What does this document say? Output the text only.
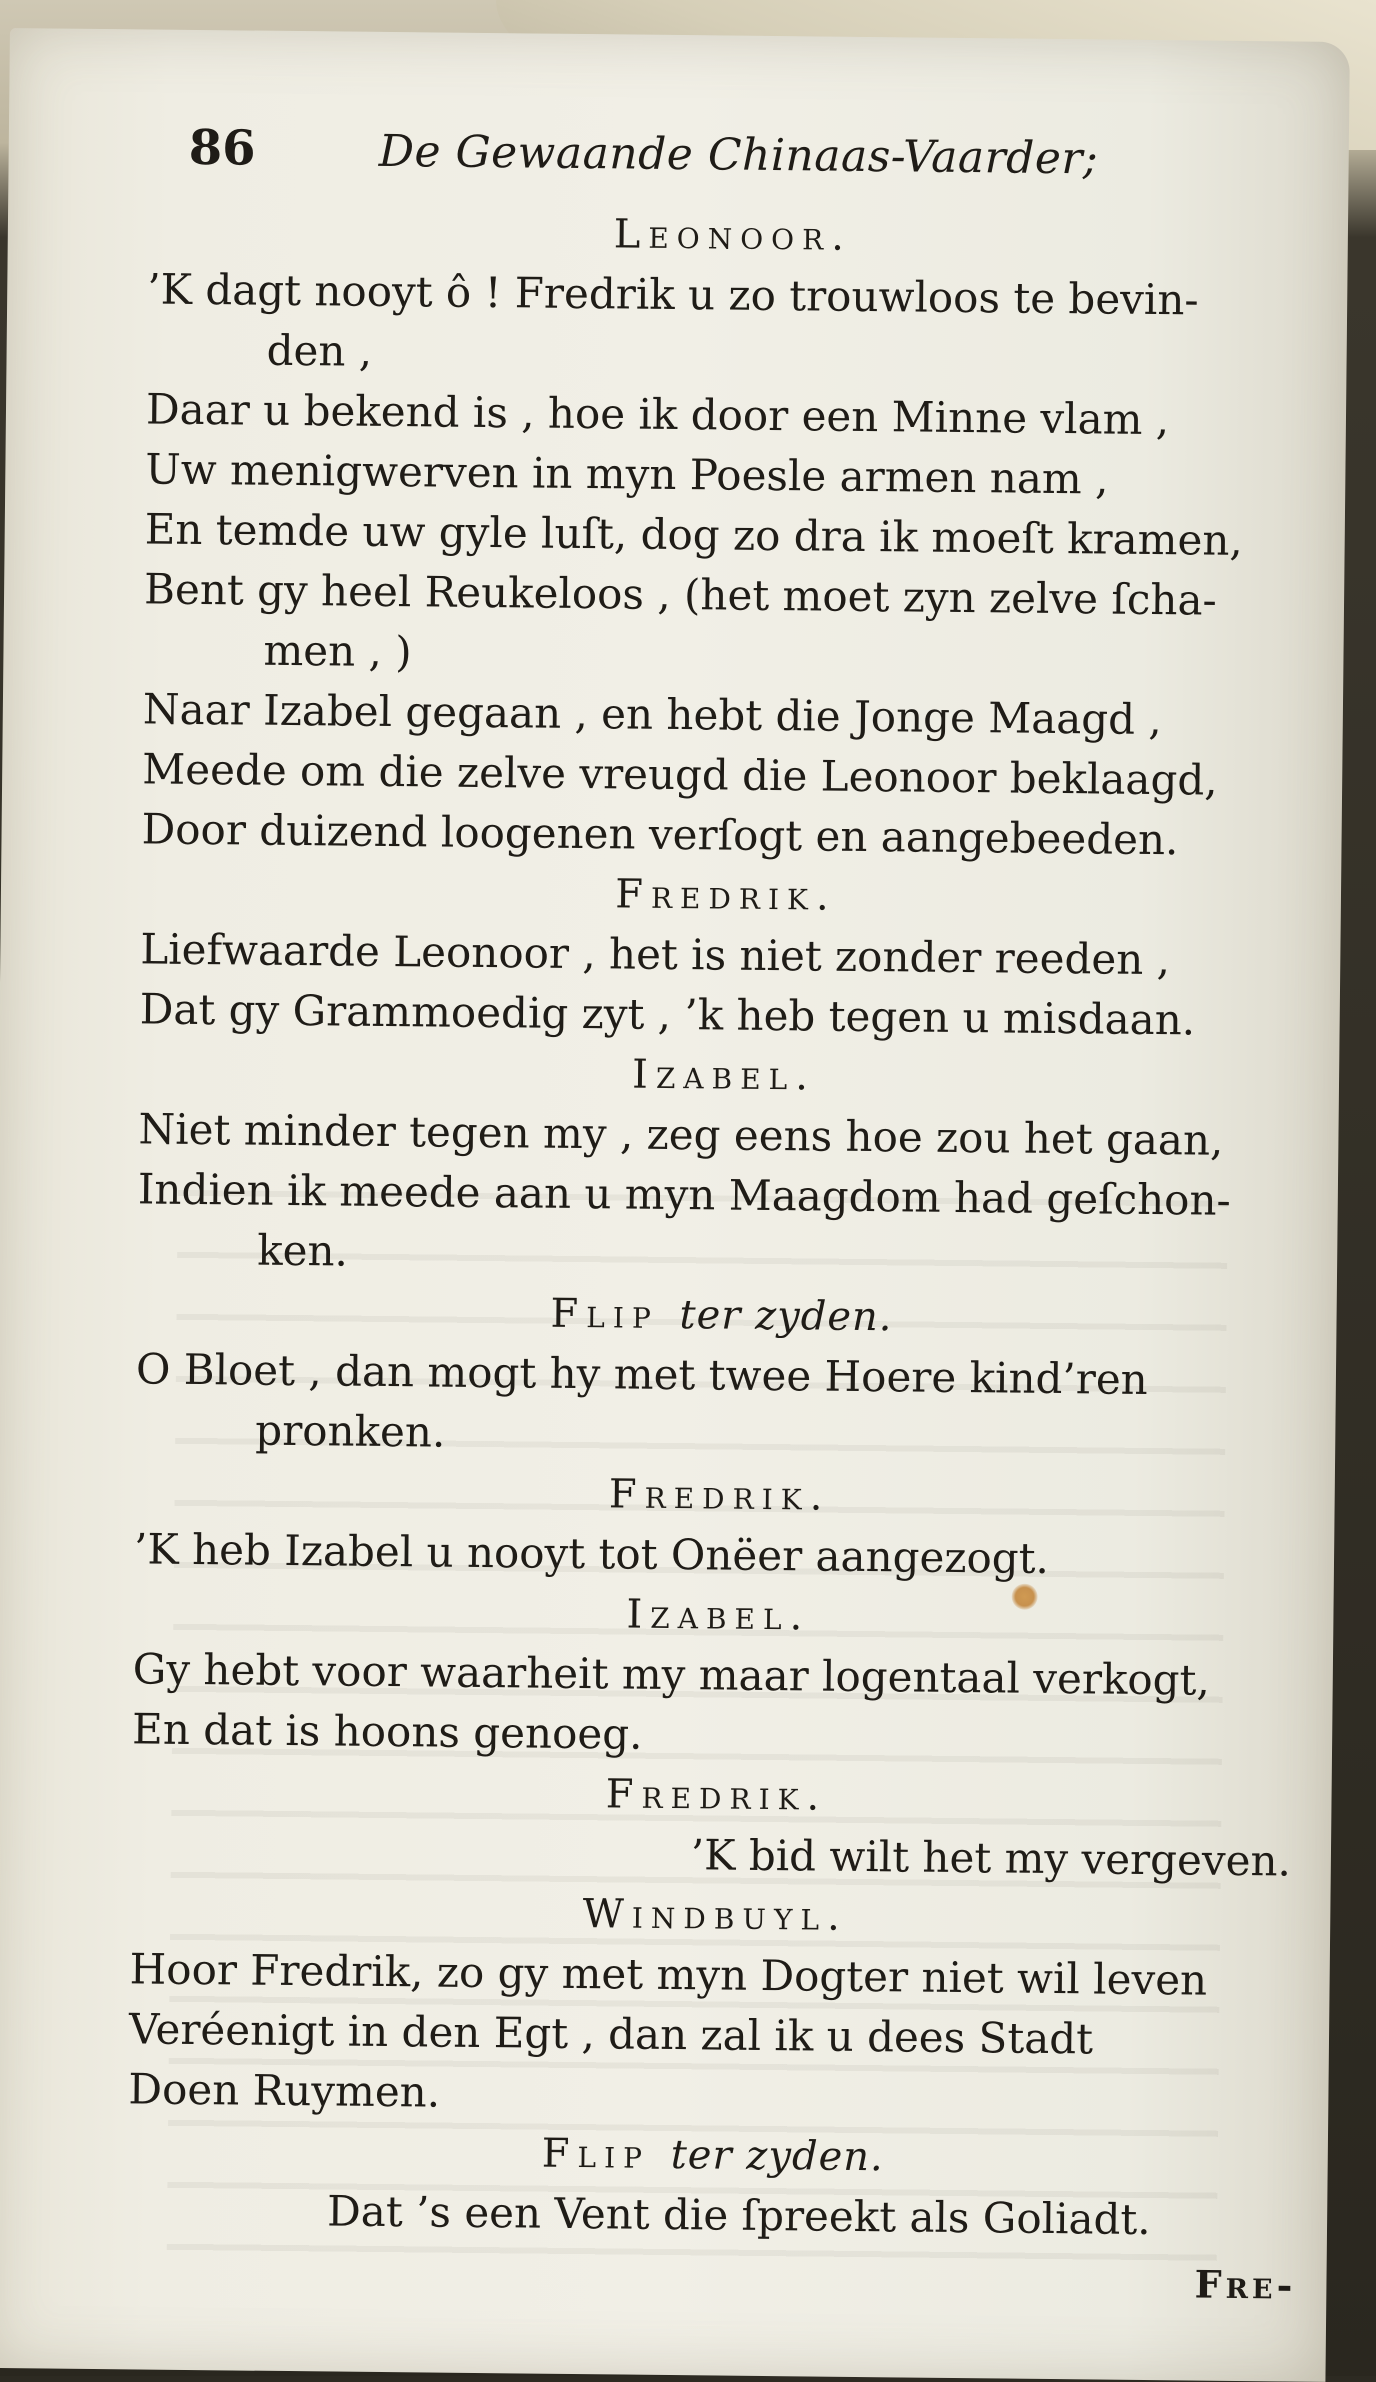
86	De Gewaande Chinaas-Vaarder;
Leonoor.
’K dagt nooyt ô ! Fredrik u zo trouwloos te bevin-
den ,
Daar u bekend is , hoe ik door een Minne vlam ,
Uw menigwerven in myn Poesle armen nam ,
En temde uw gyle luſt, dog zo dra ik moeſt kramen,
Bent gy heel Reukeloos , (het moet zyn zelve ſcha-
men , )
Naar Izabel gegaan , en hebt die Jonge Maagd ,
Meede om die zelve vreugd die Leonoor beklaagd,
Door duizend loogenen verſogt en aangebeeden.
Fredrik.
Liefwaarde Leonoor , het is niet zonder reeden ,
Dat gy Grammoedig zyt , ’k heb tegen u misdaan.
Izabel.
Niet minder tegen my , zeg eens hoe zou het gaan,
Indien ik meede aan u myn Maagdom had geſchon-
ken.
Flip ter zyden.
O Bloet , dan mogt hy met twee Hoere kind’ren
pronken.
Fredrik.
’K heb Izabel u nooyt tot Onëer aangezogt.
Izabel.
Gy hebt voor waarheit my maar logentaal verkogt,
En dat is hoons genoeg.
Fredrik.
’K bid wilt het my vergeven.
Windbuyl.
Hoor Fredrik, zo gy met myn Dogter niet wil leven
Veréenigt in den Egt , dan zal ik u dees Stadt
Doen Ruymen.
Flip ter zyden.
Dat ’s een Vent die ſpreekt als Goliadt.
Fre-
